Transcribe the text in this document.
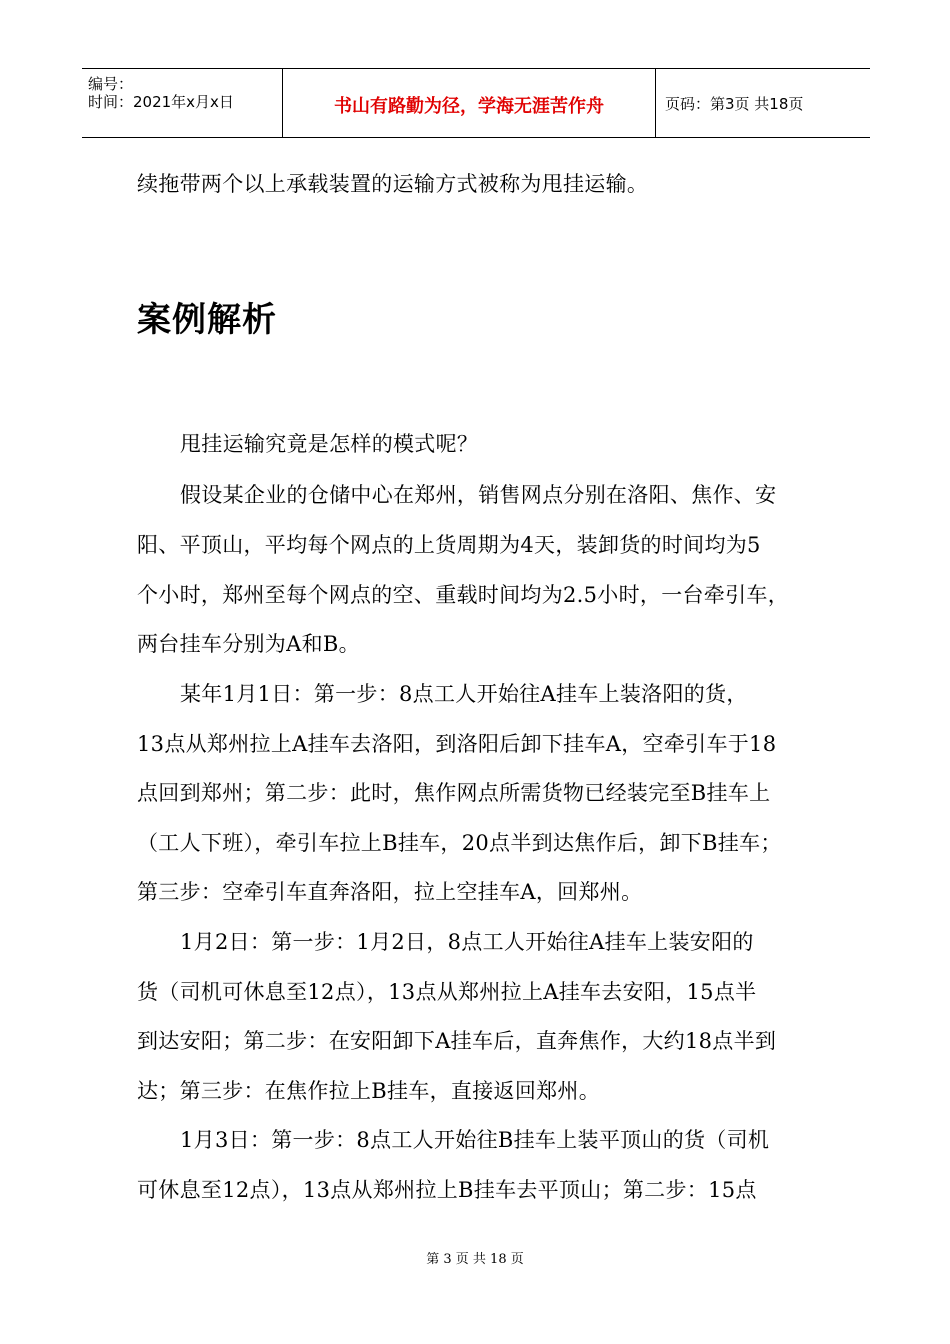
编号：
时间：2021年x月x日	书山有路勤为径，学海无涯苦作舟	页码：第3页 共18页
续拖带两个以上承载装置的运输方式被称为甩挂运输。
案例解析
甩挂运输究竟是怎样的模式呢？
假设某企业的仓储中心在郑州，销售网点分别在洛阳、焦作、安
阳、平顶山，平均每个网点的上货周期为4天，装卸货的时间均为5
个小时，郑州至每个网点的空、重载时间均为2.5小时，一台牵引车，
两台挂车分别为A和B。
某年1月1日：第一步：8点工人开始往A挂车上装洛阳的货，
13点从郑州拉上A挂车去洛阳，到洛阳后卸下挂车A，空牵引车于18
点回到郑州；第二步：此时，焦作网点所需货物已经装完至B挂车上
（工人下班），牵引车拉上B挂车，20点半到达焦作后，卸下B挂车；
第三步：空牵引车直奔洛阳，拉上空挂车A，回郑州。
1月2日：第一步：1月2日，8点工人开始往A挂车上装安阳的
货（司机可休息至12点），13点从郑州拉上A挂车去安阳，15点半
到达安阳；第二步：在安阳卸下A挂车后，直奔焦作，大约18点半到
达；第三步：在焦作拉上B挂车，直接返回郑州。
1月3日：第一步：8点工人开始往B挂车上装平顶山的货（司机
可休息至12点），13点从郑州拉上B挂车去平顶山；第二步：15点
第 3 页 共 18 页
